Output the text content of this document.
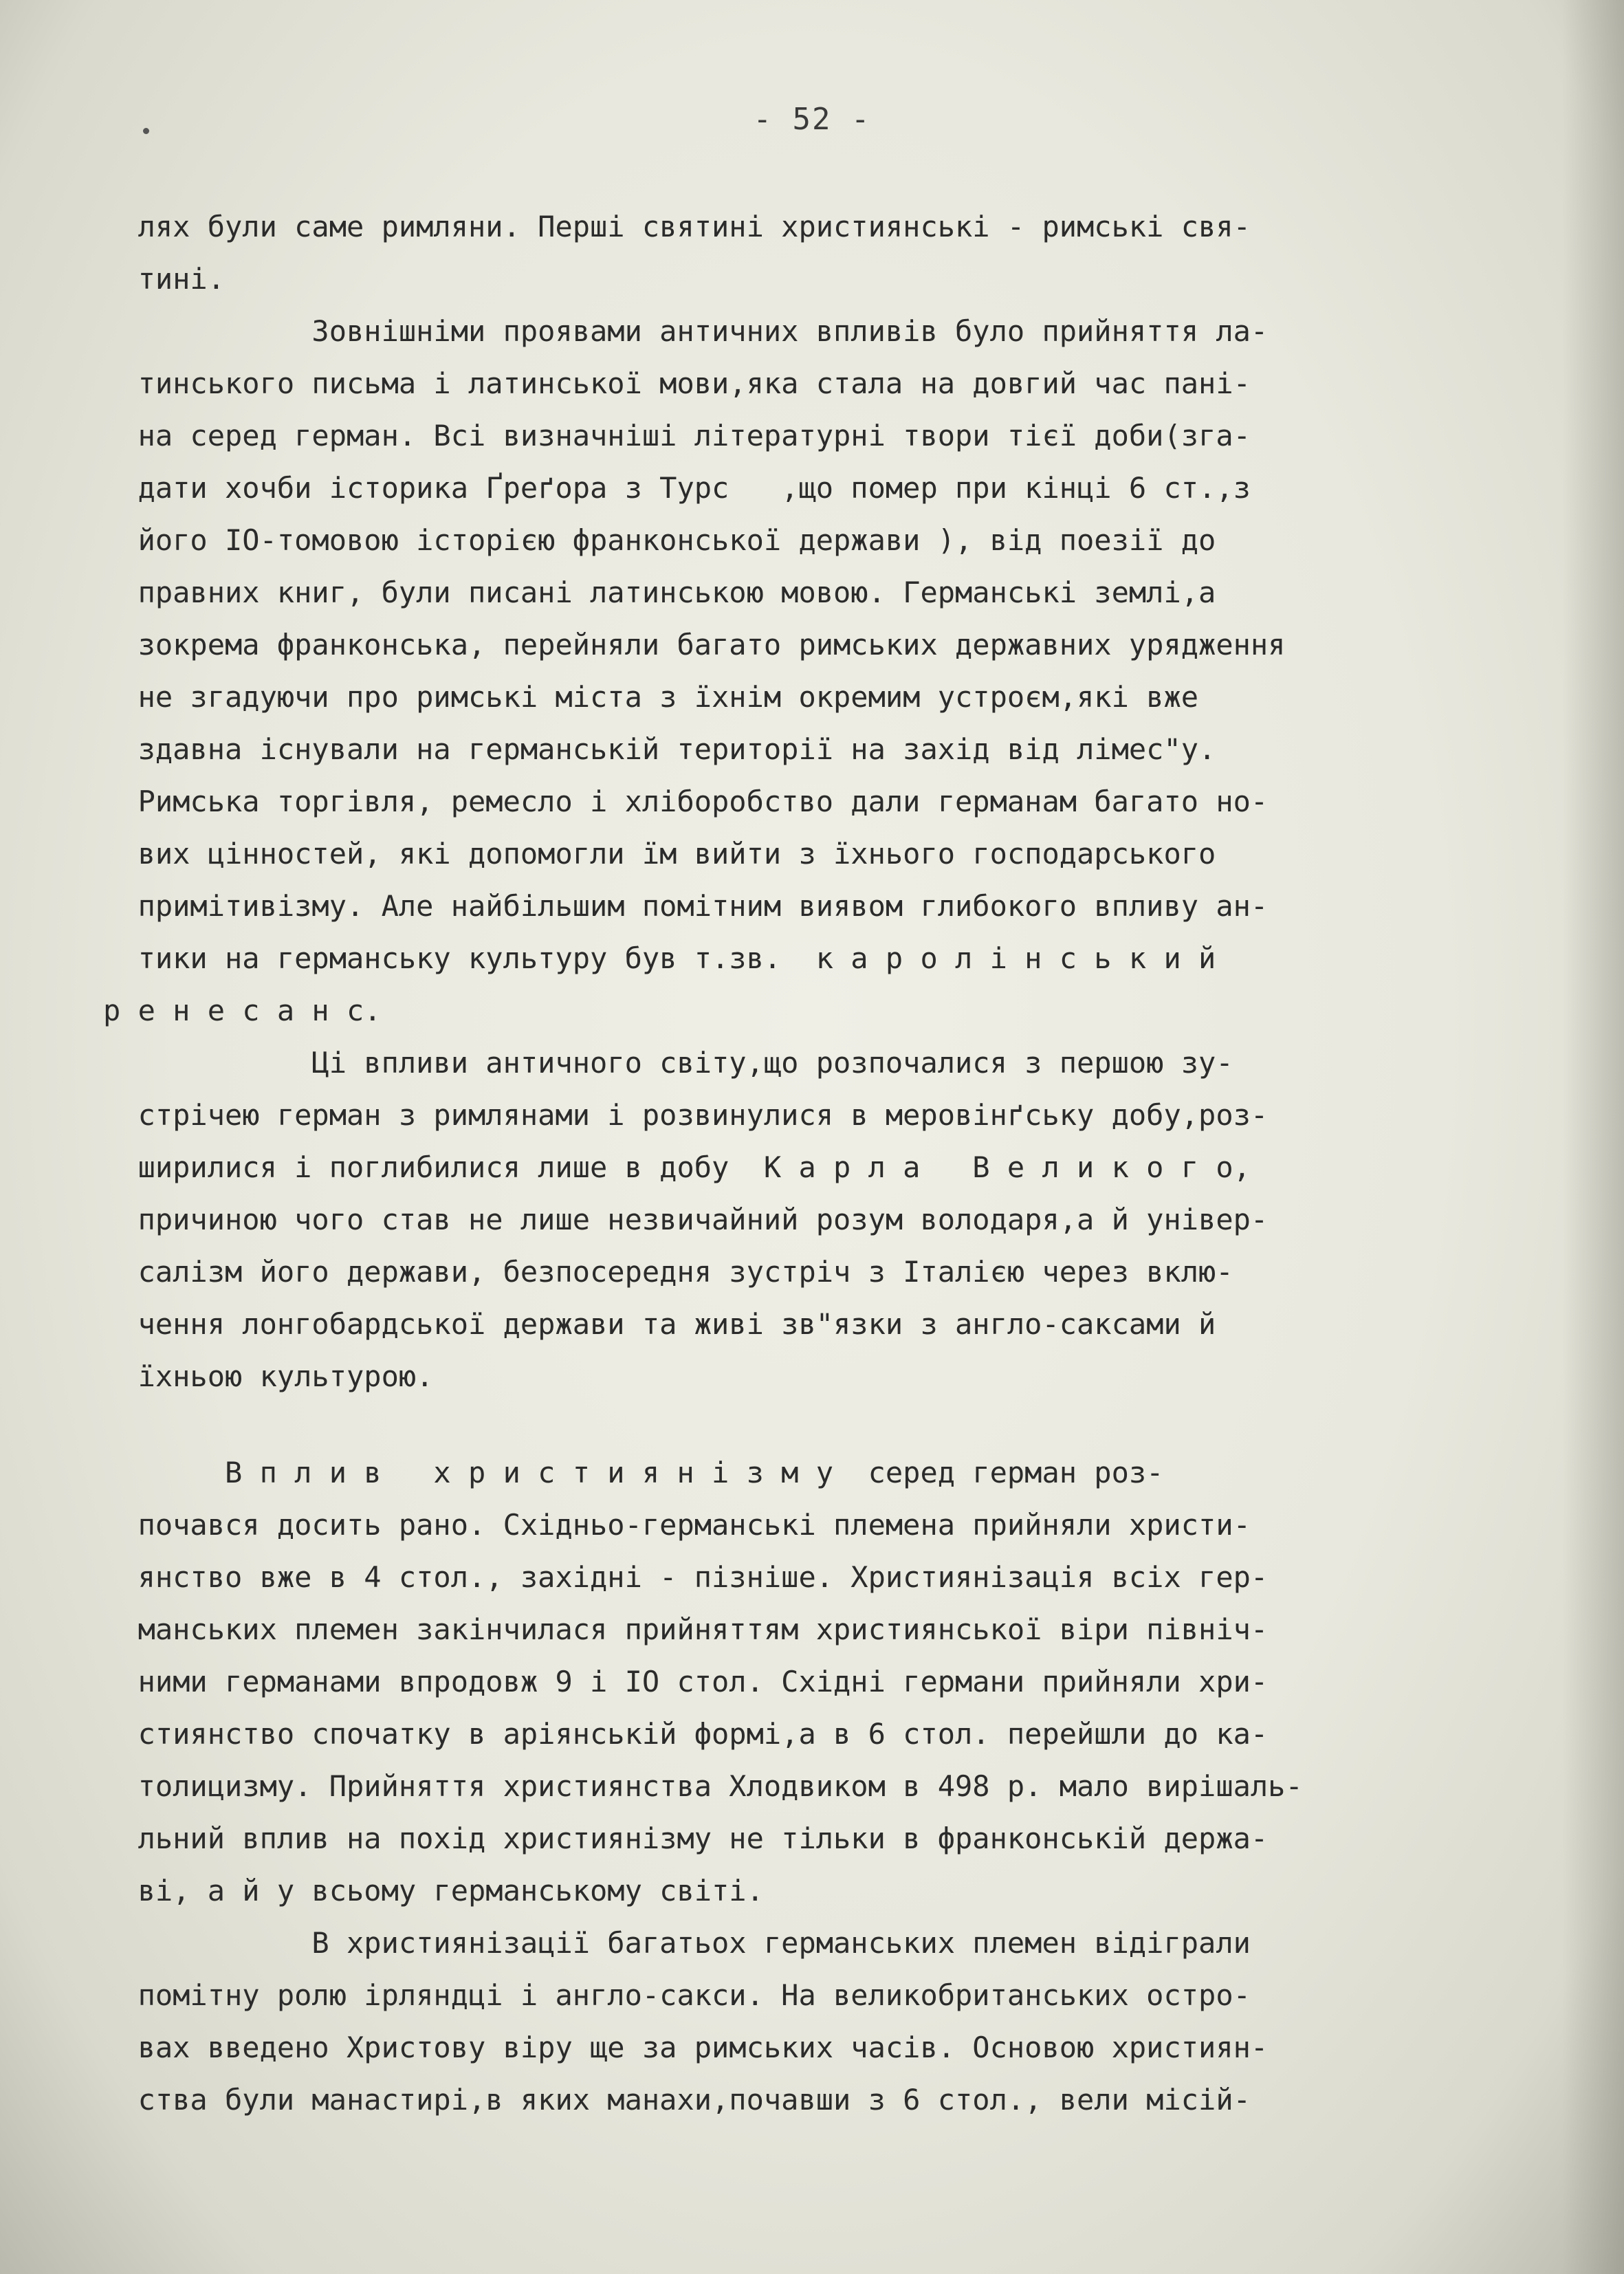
- 52 -
лях були саме римляни. Перші святині християнські - римські свя-
тині.
Зовнішніми проявами античних впливів було прийняття ла-
тинського письма і латинської мови,яка стала на довгий час пані-
на серед герман. Всі визначніші літературні твори тієї доби(зга-
дати хочби історика Ґреґора з Турс   ,що помер при кінці 6 ст.,з
його IO-томовою історією франконської держави ), від поезії до
правних книг, були писані латинською мовою. Германські землі,а
зокрема франконська, перейняли багато римських державних урядження
не згадуючи про римські міста з їхнім окремим устроєм,які вже
здавна існували на германській території на захід від лімес"у.
Римська торгівля, ремесло і хліборобство дали германам багато но-
вих цінностей, які допомогли їм вийти з їхнього господарського
примітивізму. Але найбільшим помітним виявом глибокого впливу ан-
тики на германську культуру був т.зв.  к а р о л і н с ь к и й
р е н е с а н с.
Ці впливи античного світу,що розпочалися з першою зу-
стрічею герман з римлянами і розвинулися в меровінґську добу,роз-
ширилися і поглибилися лише в добу  К а р л а   В е л и к о г о,
причиною чого став не лише незвичайний розум володаря,а й універ-
салізм його держави, безпосередня зустріч з Італією через вклю-
чення лонгобардської держави та живі зв"язки з англо-саксами й
їхньою культурою.
В п л и в   х р и с т и я н і з м у  серед герман роз-
почався досить рано. Східньо-германські племена прийняли христи-
янство вже в 4 стол., західні - пізніше. Християнізація всіх гер-
манських племен закінчилася прийняттям християнської віри північ-
ними германами впродовж 9 і IO стол. Східні германи прийняли хри-
стиянство спочатку в аріянській формі,а в 6 стол. перейшли до ка-
толицизму. Прийняття християнства Хлодвиком в 498 р. мало вирішаль-
льний вплив на похід християнізму не тільки в франконській держа-
ві, а й у всьому германському світі.
В християнізації багатьох германських племен відіграли
помітну ролю ірляндці і англо-сакси. На великобританських остро-
вах введено Христову віру ще за римських часів. Основою християн-
ства були манастирі,в яких манахи,почавши з 6 стол., вели місій-
